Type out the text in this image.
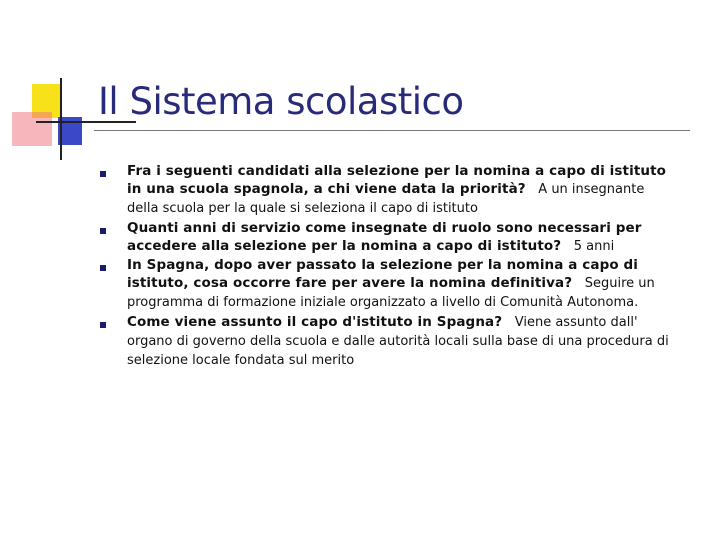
Il Sistema scolastico
Fra i seguenti candidati alla selezione per la nomina a capo di istituto in una scuola spagnola, a chi viene data la priorità?   A un insegnante della scuola per la quale si seleziona il capo di istituto
Quanti anni di servizio come insegnate di ruolo sono necessari per accedere alla selezione per la nomina a capo di istituto?   5 anni
In Spagna, dopo aver passato la selezione per la nomina a capo di istituto, cosa occorre fare per avere la nomina definitiva?   Seguire un programma di formazione iniziale organizzato a livello di Comunità Autonoma.
Come viene assunto il capo d'istituto in Spagna?   Viene assunto dall' organo di governo della scuola e dalle autorità locali sulla base di una procedura di selezione locale fondata sul merito
